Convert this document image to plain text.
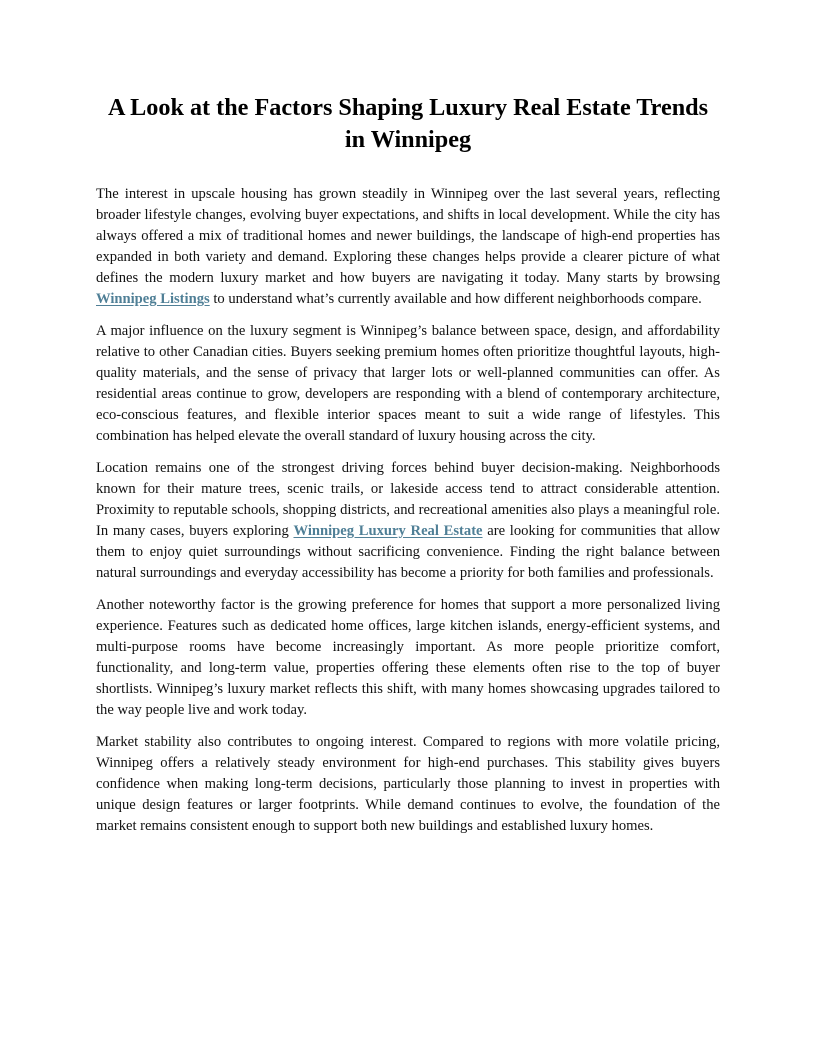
A Look at the Factors Shaping Luxury Real Estate Trends in Winnipeg

The interest in upscale housing has grown steadily in Winnipeg over the last several years, reflecting broader lifestyle changes, evolving buyer expectations, and shifts in local development. While the city has always offered a mix of traditional homes and newer buildings, the landscape of high-end properties has expanded in both variety and demand. Exploring these changes helps provide a clearer picture of what defines the modern luxury market and how buyers are navigating it today. Many starts by browsing Winnipeg Listings to understand what’s currently available and how different neighborhoods compare.

A major influence on the luxury segment is Winnipeg’s balance between space, design, and affordability relative to other Canadian cities. Buyers seeking premium homes often prioritize thoughtful layouts, high-quality materials, and the sense of privacy that larger lots or well-planned communities can offer. As residential areas continue to grow, developers are responding with a blend of contemporary architecture, eco-conscious features, and flexible interior spaces meant to suit a wide range of lifestyles. This combination has helped elevate the overall standard of luxury housing across the city.

Location remains one of the strongest driving forces behind buyer decision-making. Neighborhoods known for their mature trees, scenic trails, or lakeside access tend to attract considerable attention. Proximity to reputable schools, shopping districts, and recreational amenities also plays a meaningful role. In many cases, buyers exploring Winnipeg Luxury Real Estate are looking for communities that allow them to enjoy quiet surroundings without sacrificing convenience. Finding the right balance between natural surroundings and everyday accessibility has become a priority for both families and professionals.

Another noteworthy factor is the growing preference for homes that support a more personalized living experience. Features such as dedicated home offices, large kitchen islands, energy-efficient systems, and multi-purpose rooms have become increasingly important. As more people prioritize comfort, functionality, and long-term value, properties offering these elements often rise to the top of buyer shortlists. Winnipeg’s luxury market reflects this shift, with many homes showcasing upgrades tailored to the way people live and work today.

Market stability also contributes to ongoing interest. Compared to regions with more volatile pricing, Winnipeg offers a relatively steady environment for high-end purchases. This stability gives buyers confidence when making long-term decisions, particularly those planning to invest in properties with unique design features or larger footprints. While demand continues to evolve, the foundation of the market remains consistent enough to support both new buildings and established luxury homes.
